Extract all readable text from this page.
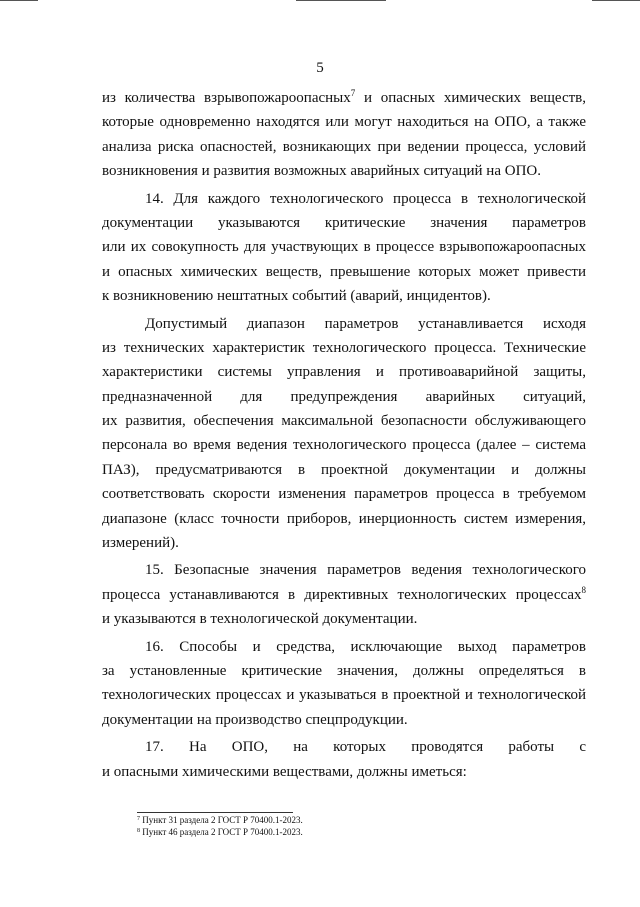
5
из количества взрывопожароопасных$^7$ и опасных химических веществ,
которые одновременно находятся или могут находиться на ОПО, а также
анализа риска опасностей, возникающих при ведении процесса, условий
возникновения и развития возможных аварийных ситуаций на ОПО.
14. Для каждого технологического процесса в технологической
документации указываются критические значения параметров
или их совокупность для участвующих в процессе взрывопожароопасных
и опасных химических веществ, превышение которых может привести
к возникновению нештатных событий (аварий, инцидентов).
Допустимый диапазон параметров устанавливается исходя
из технических характеристик технологического процесса. Технические
характеристики системы управления и противоаварийной защиты,
предназначенной для предупреждения аварийных ситуаций,
их развития, обеспечения максимальной безопасности обслуживающего
персонала во время ведения технологического процесса (далее – система
ПАЗ), предусматриваются в проектной документации и должны
соответствовать скорости изменения параметров процесса в требуемом
диапазоне (класс точности приборов, инерционность систем измерения,
измерений).
15. Безопасные значения параметров ведения технологического
процесса устанавливаются в директивных технологических процессах$^8$
и указываются в технологической документации.
16. Способы и средства, исключающие выход параметров
за установленные критические значения, должны определяться в
технологических процессах и указываться в проектной и технологической
документации на производство спецпродукции.
17. На ОПО, на которых проводятся работы с
и опасными химическими веществами, должны иметься:
$^7$ Пункт 31 раздела 2 ГОСТ Р 70400.1-2023.
$^8$ Пункт 46 раздела 2 ГОСТ Р 70400.1-2023.
